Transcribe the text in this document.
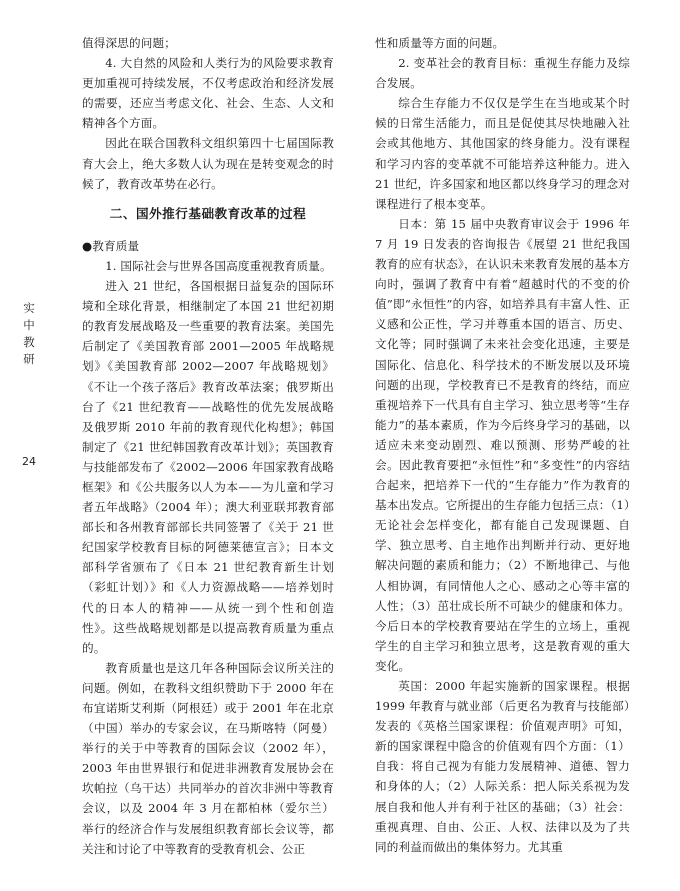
实
中
教
研
24

值得深思的问题；

4. 大自然的风险和人类行为的风险要求教育更加重视可持续发展，不仅考虑政治和经济发展的需要，还应当考虑文化、社会、生态、人文和精神各个方面。

因此在联合国教科文组织第四十七届国际教育大会上，绝大多数人认为现在是转变观念的时候了，教育改革势在必行。

二、国外推行基础教育改革的过程

●教育质量

1. 国际社会与世界各国高度重视教育质量。

进入 21 世纪，各国根据日益复杂的国际环境和全球化背景，相继制定了本国 21 世纪初期的教育发展战略及一些重要的教育法案。美国先后制定了《美国教育部 2001—2005 年战略规划》《美国教育部 2002—2007 年战略规划》《不让一个孩子落后》教育改革法案；俄罗斯出台了《21 世纪教育——战略性的优先发展战略及俄罗斯 2010 年前的教育现代化构想》；韩国制定了《21 世纪韩国教育改革计划》；英国教育与技能部发布了《2002—2006 年国家教育战略框架》和《公共服务以人为本——为儿童和学习者五年战略》（2004 年）；澳大利亚联邦教育部部长和各州教育部部长共同签署了《关于 21 世纪国家学校教育目标的阿德莱德宣言》；日本文部科学省颁布了《日本 21 世纪教育新生计划（彩虹计划）》和《人力资源战略——培养划时代的日本人的精神——从统一到个性和创造性》。这些战略规划都是以提高教育质量为重点的。

教育质量也是这几年各种国际会议所关注的问题。例如，在教科文组织赞助下于 2000 年在布宜诺斯艾利斯（阿根廷）或于 2001 年在北京（中国）举办的专家会议，在马斯喀特（阿曼）举行的关于中等教育的国际会议（2002 年），2003 年由世界银行和促进非洲教育发展协会在坎帕拉（乌干达）共同举办的首次非洲中等教育会议，以及 2004 年 3 月在都柏林（爱尔兰）举行的经济合作与发展组织教育部长会议等，都关注和讨论了中等教育的受教育机会、公正

性和质量等方面的问题。

2. 变革社会的教育目标：重视生存能力及综合发展。

综合生存能力不仅仅是学生在当地或某个时候的日常生活能力，而且是促使其尽快地融入社会或其他地方、其他国家的终身能力。没有课程和学习内容的变革就不可能培养这种能力。进入 21 世纪，许多国家和地区都以终身学习的理念对课程进行了根本变革。

日本：第 15 届中央教育审议会于 1996 年 7 月 19 日发表的咨询报告《展望 21 世纪我国教育的应有状态》，在认识未来教育发展的基本方向时，强调了教育中有着“超越时代的不变的价值”即“永恒性”的内容，如培养具有丰富人性、正义感和公正性，学习并尊重本国的语言、历史、文化等；同时强调了未来社会变化迅速，主要是国际化、信息化、科学技术的不断发展以及环境问题的出现，学校教育已不是教育的终结，而应重视培养下一代具有自主学习、独立思考等“生存能力”的基本素质，作为今后终身学习的基础，以适应未来变动剧烈、难以预测、形势严峻的社会。因此教育要把“永恒性”和“多变性”的内容结合起来，把培养下一代的“生存能力”作为教育的基本出发点。它所提出的生存能力包括三点：（1）无论社会怎样变化，都有能自己发现课题、自学、独立思考、自主地作出判断并行动、更好地解决问题的素质和能力；（2）不断地律己、与他人相协调，有同情他人之心、感动之心等丰富的人性；（3）茁壮成长所不可缺少的健康和体力。今后日本的学校教育要站在学生的立场上，重视学生的自主学习和独立思考，这是教育观的重大变化。

英国：2000 年起实施新的国家课程。根据 1999 年教育与就业部（后更名为教育与技能部）发表的《英格兰国家课程：价值观声明》可知，新的国家课程中隐含的价值观有四个方面：（1）自我：将自己视为有能力发展精神、道德、智力和身体的人；（2）人际关系：把人际关系视为发展自我和他人并有利于社区的基础；（3）社会：重视真理、自由、公正、人权、法律以及为了共同的利益而做出的集体努力。尤其重
